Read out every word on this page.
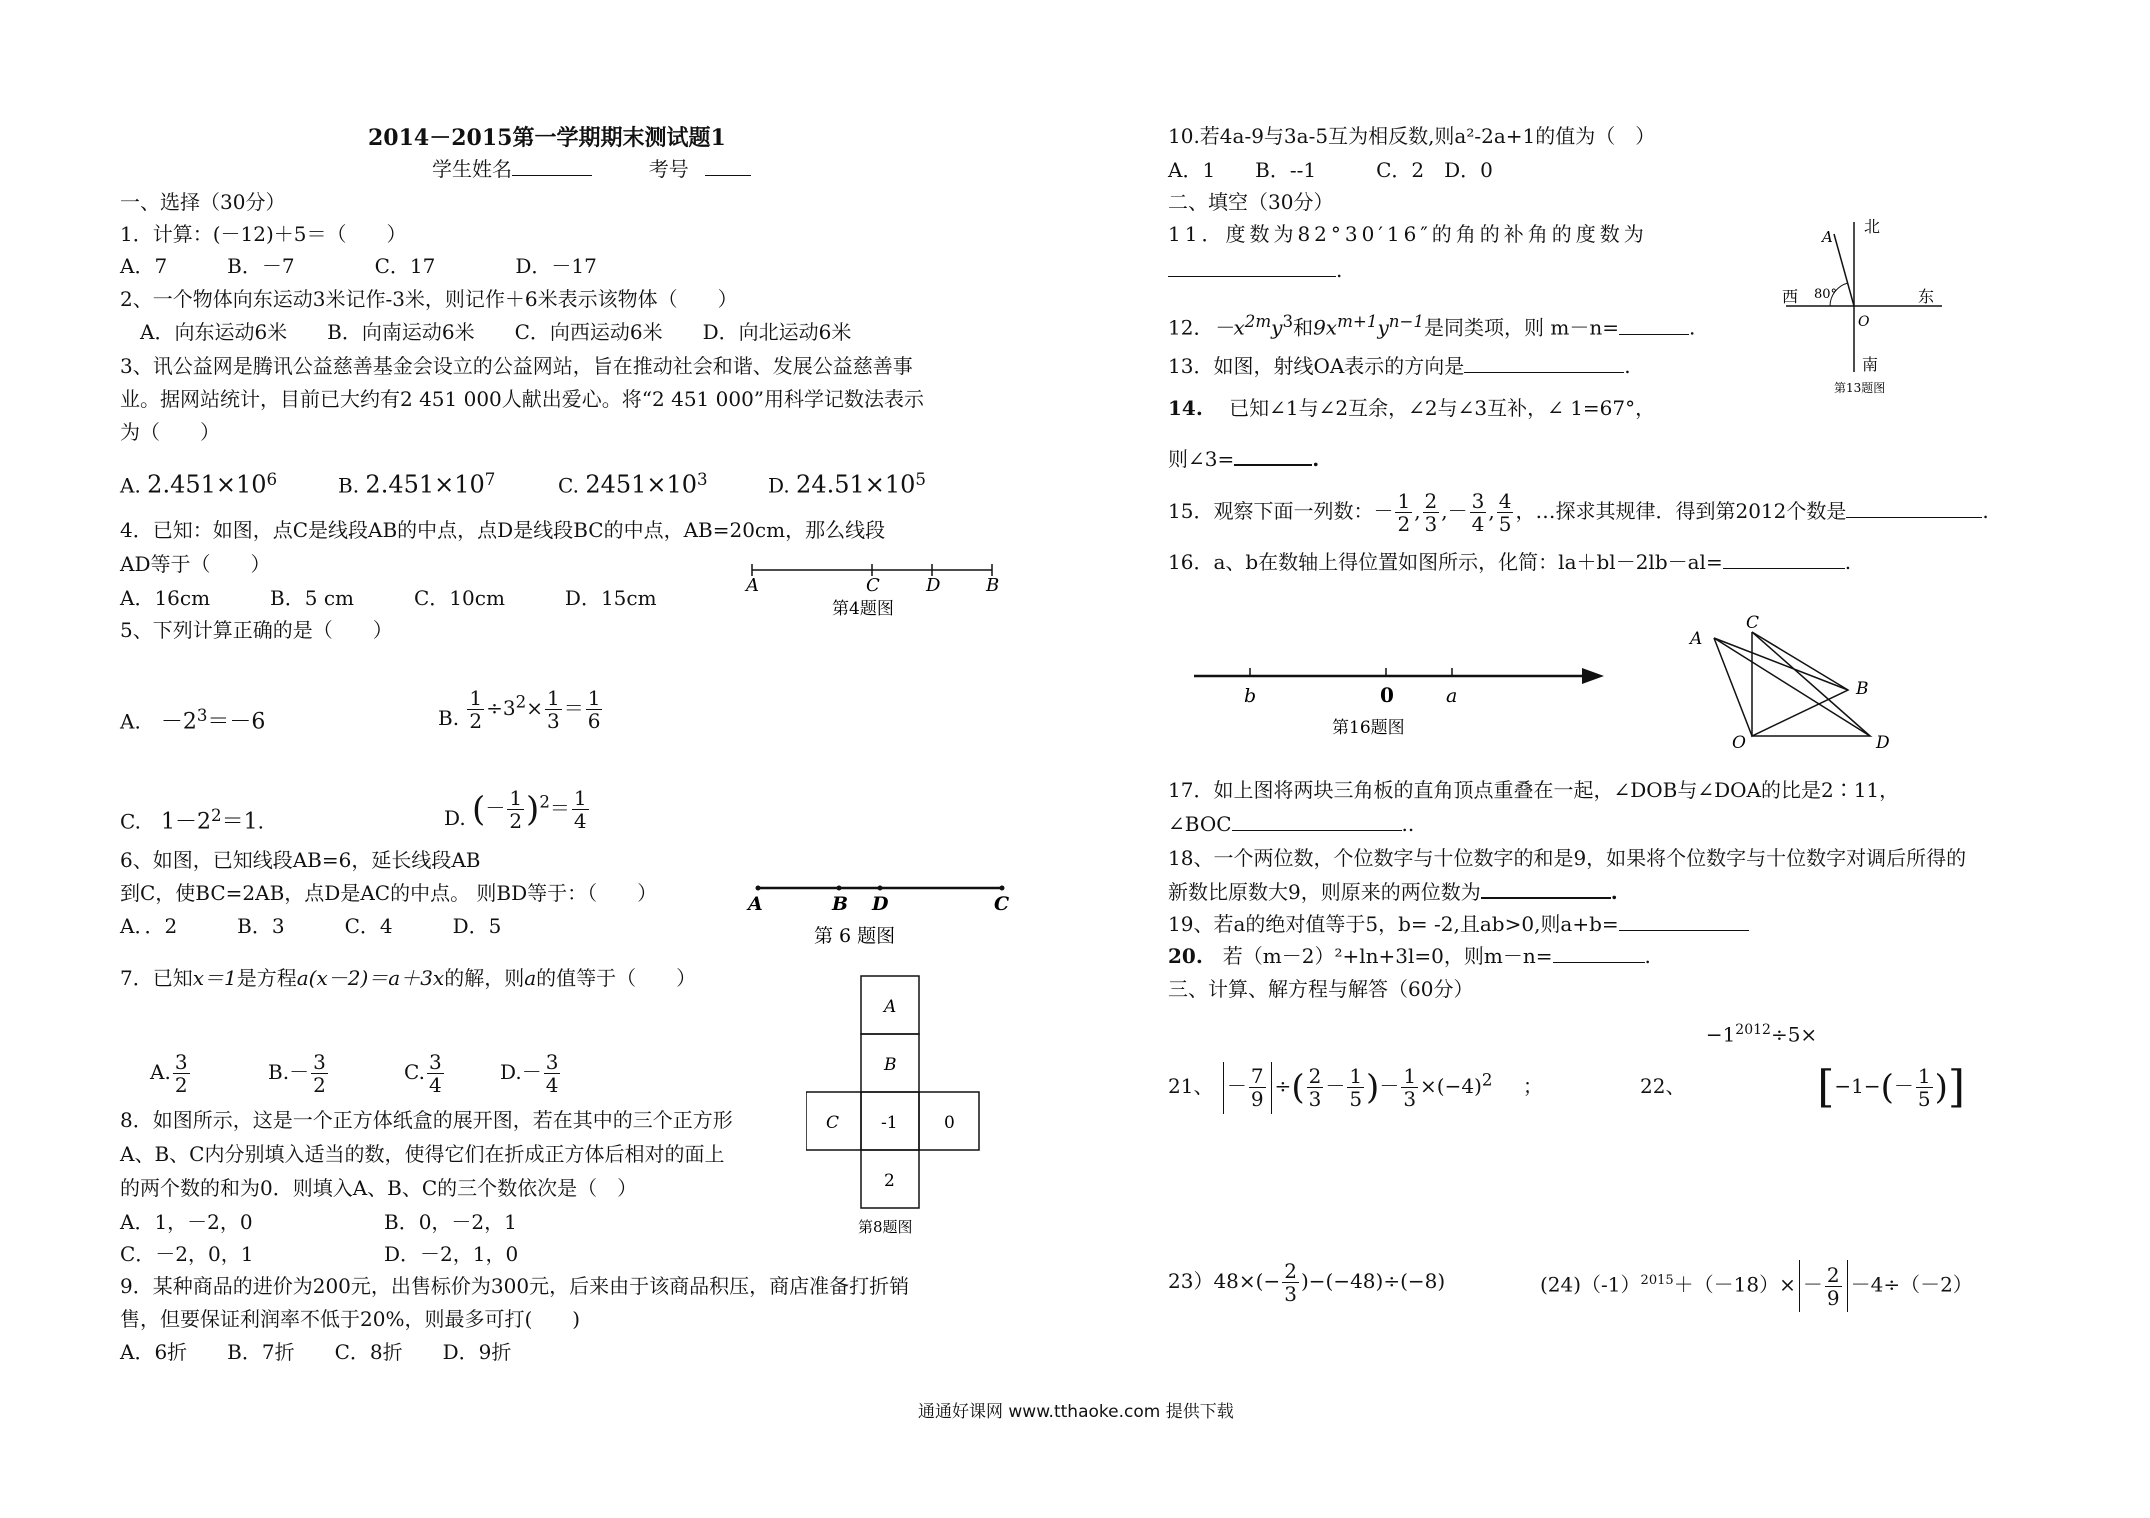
2014－2015第一学期期末测试题1
学生姓名	考号
一、选择（30分）
1．计算：(－12)＋5＝（　　）
A．7　　　B．－7　　　　C．17　　　　D．－17
2、一个物体向东运动3米记作-3米，则记作＋6米表示该物体（　　）
A．向东运动6米　　B．向南运动6米　　C．向西运动6米　　D．向北运动6米
3、讯公益网是腾讯公益慈善基金会设立的公益网站，旨在推动社会和谐、发展公益慈善事
业。据网站统计，目前已大约有2 451 000人献出爱心。将“2 451 000”用科学记数法表示
为（　　）
A. $2.451\times 10^6$	B. $2.451\times 10^7$	C. $2451\times 10^3$	D. $24.51\times 10^5$
4．已知：如图，点C是线段AB的中点，点D是线段BC的中点，AB=20cm，那么线段
AD等于（　　）
A．16cm　　　B．5 cm　　　C．10cm　　　D．15cm
A	C	D	B
第4题图
5、下列计算正确的是（　　）
A.　 $-2^3=-6$	B. $\frac{1}{2} \div 3^2\times \frac{1}{3} = \frac{1}{6}$
C.　 $1-2^2=1$.	D. (－ $\frac{1}{2} )^2= \frac{1}{4}$
6、如图，已知线段AB=6，延长线段AB
到C，使BC=2AB，点D是AC的中点。 则BD等于：（　　）
A．．2　　　B．3　　　C．4　　　D．5
A	B D	C
第 6 题图
7．已知x＝1是方程a(x－2)＝a＋3x的解，则a的值等于（　　）
A. $\frac{3}{2}$	$B.- \frac{3}{2}$	C. $\frac{3}{4}$	$D.- \frac{3}{4}$
8．如图所示，这是一个正方体纸盒的展开图，若在其中的三个正方形
A、B、C内分别填入适当的数，使得它们在折成正方体后相对的面上
的两个数的和为0．则填入A、B、C的三个数依次是（　）
A．1，－2，0	B．0，－2，1
C．－2，0，1	D．－2，1，0
A
B
C -1	0
2
第8题图
9．某种商品的进价为200元，出售标价为300元，后来由于该商品积压，商店准备打折销
售，但要保证利润率不低于20%，则最多可打(　　)
A．6折　　B．7折　　C．8折　　D．9折
10.若4a-9与3a-5互为相反数,则a²-2a+1的值为（　）
A．1　　B．--1　　　C．2　D．0
二、填空（30分）
11．度数为82°30′16″的角的补角的度数为
.
12．$-x^{2m}y^3$和$9x^{m+1}y^{n-1}$是同类项，则 m－n=	.
13．如图，射线OA表示的方向是	.
北
南
西	东
80°
A
O
第13题图
14.　 已知∠1与∠2互余，∠2与∠3互补，∠ 1=67°，
则∠3=	.
15．观察下面一列数：－ $\frac{1}{2}$ , $\frac{2}{3}$ ,－ $\frac{3}{4}$ , $\frac{4}{5}$ ，…探求其规律．得到第2012个数是	.
16．a、b在数轴上得位置如图所示，化简：la＋bl－2lb－al=	.
b	0	a
第16题图
A
C
B
O	D
17．如上图将两块三角板的直角顶点重叠在一起，∠DOB与∠DOA的比是2∶11，
∠BOC	..
18、一个两位数，个位数字与十位数字的和是9，如果将个位数字与十位数字对调后所得的
新数比原数大9，则原来的两位数为	.
19、若a的绝对值等于5，b= -2,且ab>0,则a+b=
20.　 若（m－2）²+ln+3l=0，则m－n=	.
三、计算、解方程与解答（60分）
21、 － $\frac{7}{9}$ ÷( $\frac{2}{3} - \frac{1}{5}$ )－ $\frac{1}{3} \times(-4)^2$ ；	22、 $-1^{2012}\div 5\times[-1-(- \frac{1}{5}$ )]
$23)48\times(- \frac{2}{3} )-(-48)\div(-8)$	$(24)(-1)^{2015}+(-18)\times - \frac{2}{9} -4\div(-2)$
通通好课网 www.tthaoke.com 提供下载
